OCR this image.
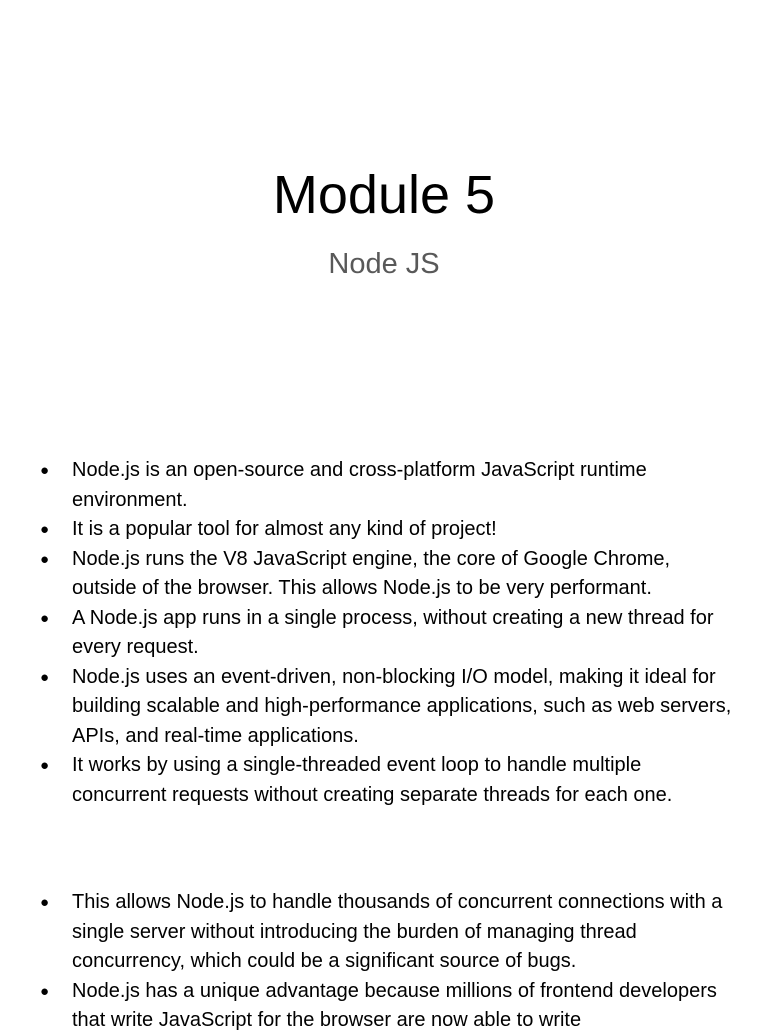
Module 5
Node JS
● Node.js is an open-source and cross-platform JavaScript runtime environment.
● It is a popular tool for almost any kind of project!
● Node.js runs the V8 JavaScript engine, the core of Google Chrome, outside of the browser. This allows Node.js to be very performant.
● A Node.js app runs in a single process, without creating a new thread for every request.
● Node.js uses an event-driven, non-blocking I/O model, making it ideal for building scalable and high-performance applications, such as web servers, APIs, and real-time applications.
● It works by using a single-threaded event loop to handle multiple concurrent requests without creating separate threads for each one.
● This allows Node.js to handle thousands of concurrent connections with a single server without introducing the burden of managing thread concurrency, which could be a significant source of bugs.
● Node.js has a unique advantage because millions of frontend developers that write JavaScript for the browser are now able to write
